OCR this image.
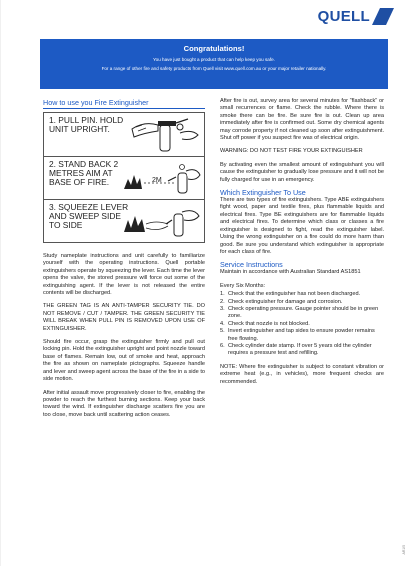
QUELL
Congratulations!

You have just bought a product that can help keep you safe.

For a range of other fire and safety products from Quell visit www.quell.com.au or your major retailer nationally.

How to use you Fire Extinguisher
1. PULL PIN. HOLD UNIT UPRIGHT.
2. STAND BACK 2 METRES AIM AT BASE OF FIRE.	2M
3. SQUEEZE LEVER AND SWEEP SIDE TO SIDE
Study nameplate instructions and unit carefully to familiarize yourself with the operating instructions. Quell portable extinguishers operate by squeezing the lever. Each time the lever opens the valve, the stored pressure will force out some of the extinguishing agent. If the lever is not released the entire contents will be discharged.
THE GREEN TAG IS AN ANTI-TAMPER SECURITY TIE. DO NOT REMOVE / CUT / TAMPER. THE GREEN SECURITY TIE WILL BREAK WHEN PULL PIN IS REMOVED UPON USE OF EXTINGUISHER.
Should fire occur, grasp the extinguisher firmly and pull out locking pin. Hold the extinguisher upright and point nozzle toward base of flames. Remain low, out of smoke and heat, approach the fire as shown on nameplate pictographs. Squeeze handle and lever and sweep agent across the base of the fire in a side to side motion.
After initial assault move progressively closer to fire, enabling the powder to reach the furthest burning sections. Keep your back toward the wind. If extinguisher discharge scatters fire you are too close, move back until scattering action ceases.
After fire is out, survey area for several minutes for “flashback” or small recurrences or flame. Check the rubble. Where there is smoke there can be fire. Be sure fire is out. Clean up area immediately after fire is confirmed out. Some dry chemical agents may corrode property if not cleaned up soon after extinguishment. Shut off power if you suspect fire was of electrical origin.
WARNING: DO NOT TEST FIRE YOUR EXTINGUISHER
By activating even the smallest amount of extinguishant you will cause the extinguisher to gradually lose pressure and it will not be fully charged for use in an emergency.
Which Extinguisher To Use
There are two types of fire extinguishers. Type ABE extinguishers fight wood, paper and textile fires, plus flammable liquids and electrical fires. Type BE extinguishers are for flammable liquids and electrical fires. To determine which class or classes a fire extinguisher is designed to fight, read the extinguisher label. Using the wrong extinguisher on a fire could do more harm than good. Be sure you understand which extinguisher is appropriate for each class of fire.
Service Instructions
Maintain in accordance with Australian Standard AS1851
Every Six Months:
1. Check that the extinguisher has not been discharged.
2. Check extinguisher for damage and corrosion.
3. Check operating pressure. Gauge pointer should be in green zone.
4. Check that nozzle is not blocked.
5. Invert extinguisher and tap sides to ensure powder remains free flowing.
6. Check cylinder date stamp. If over 5 years old the cylinder requires a pressure test and refilling.
NOTE: Where fire extinguisher is subject to constant vibration or extreme heat (e.g., in vehicles), more frequent checks are recommended.
AR1/5
